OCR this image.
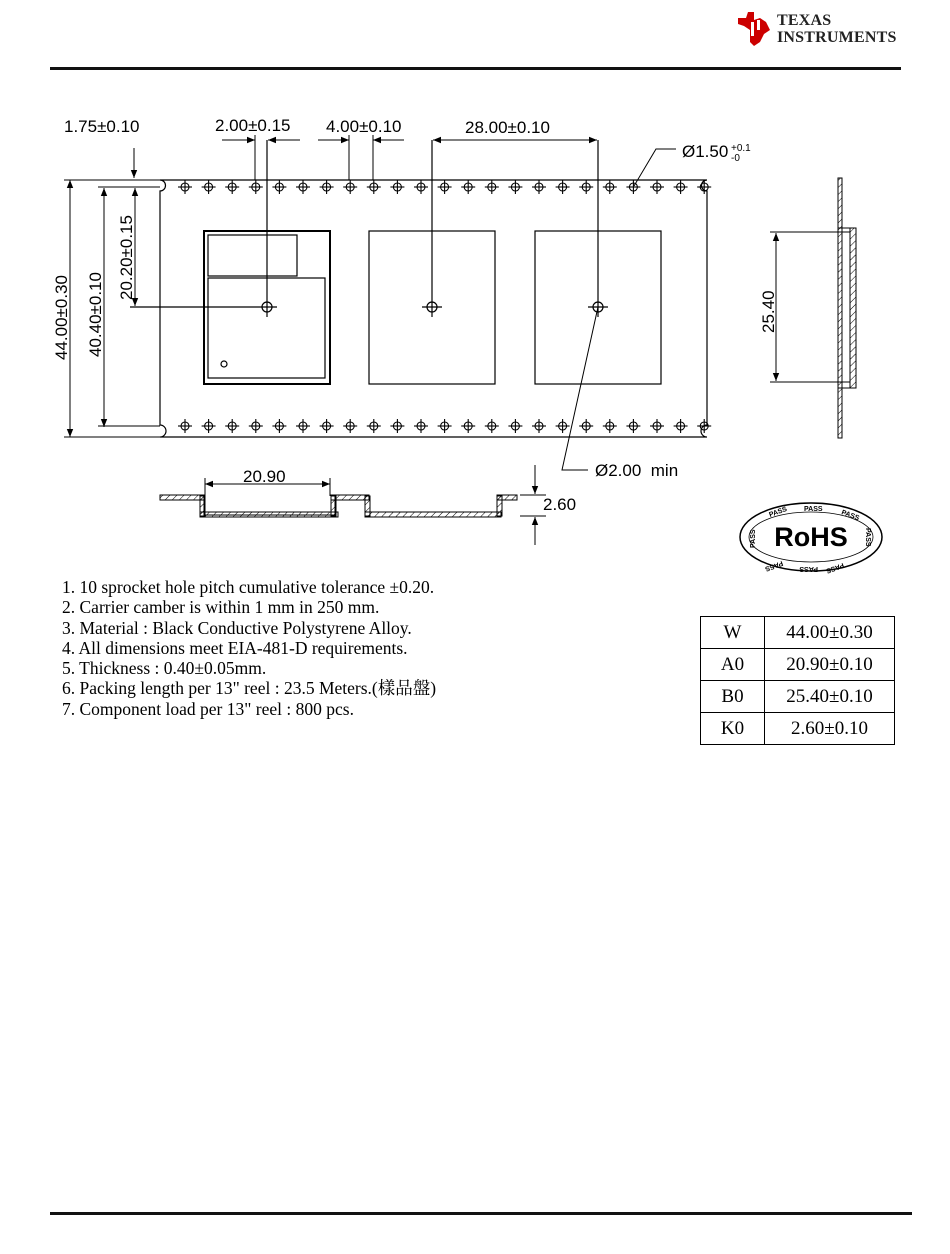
TEXAS
INSTRUMENTS
1.75±0.10	2.00±0.15 4.00±0.10	28.00±0.10
Ø1.50 +0.1
-0
44.00±0.30 40.40±0.10
20.20±0.15
25.40
20.90	Ø2.00  min
2.60
RoHS
PASS PASS	PASS
PASS
PASS
PASS
PASS
PASS
1. 10 sprocket hole pitch cumulative tolerance ±0.20.
2. Carrier camber is within 1 mm in 250 mm.
3. Material : Black Conductive Polystyrene Alloy.
4. All dimensions meet EIA-481-D requirements.
5. Thickness : 0.40±0.05mm.
6. Packing length per 13" reel : 23.5 Meters.(樣品盤)
7. Component load per 13" reel : 800 pcs.
W	44.00±0.30
A0	20.90±0.10
B0	25.40±0.10
K0	2.60±0.10
